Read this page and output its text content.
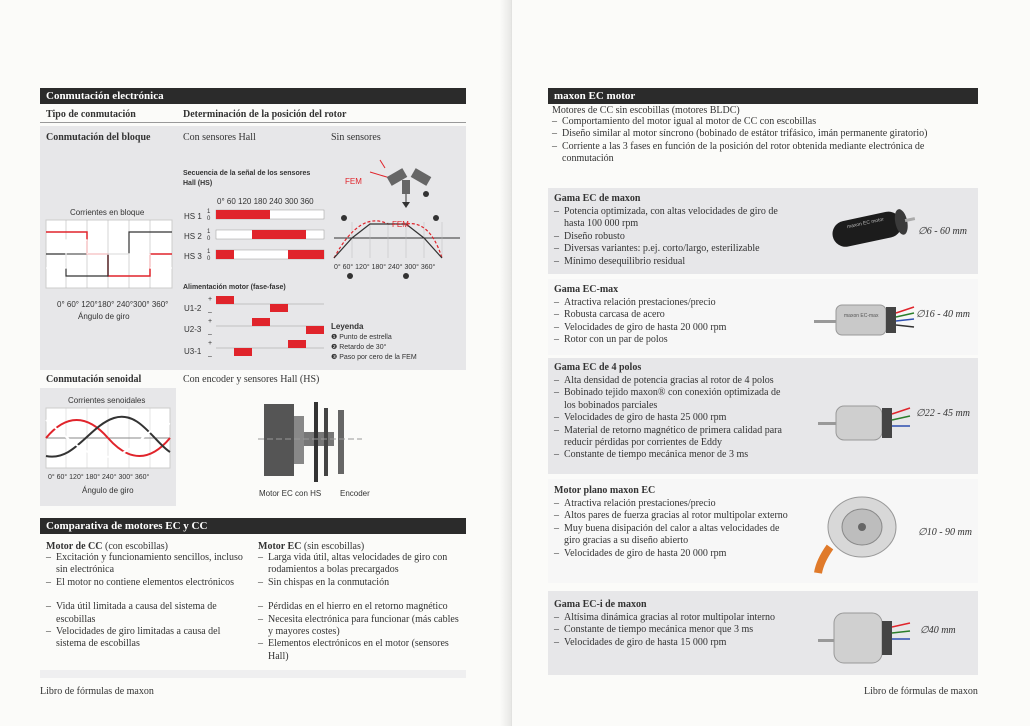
Conmutación electrónica
Tipo de conmutación	Determinación de la posición del rotor
Conmutación del bloque	Con sensores Hall	Sin sensores
Corrientes en bloque
0° 60° 120°180° 240°300° 360°
Ángulo de giro
Secuencia de la señal de los sensores Hall (HS)
0° 60 120 180 240 300 360
HS 1
HS 2
HS 3
1
0
1
0
1
0
Alimentación motor (fase-fase)
U1-2
U2-3
U3-1
+
–
+
–
+
–
FEM
FEM
0° 60° 120° 180° 240° 300° 360°
Leyenda
❶ Punto de estrella
❷ Retardo de 30°
❸ Paso por cero de la FEM
Conmutación senoidal	Con encoder y sensores Hall (HS)
Corrientes senoidales
0° 60° 120° 180° 240° 300° 360°
Ángulo de giro	Motor EC con HS Encoder
Comparativa de motores EC y CC
Motor de CC (con escobillas)
– Excitación y funcionamiento sencillos, incluso sin electrónica
– El motor no contiene elementos electrónicos
– Vida útil limitada a causa del sistema de escobillas
– Velocidades de giro limitadas a causa del sistema de escobillas
Motor EC (sin escobillas)
– Larga vida útil, altas velocidades de giro con rodamientos a bolas precargados
– Sin chispas en la conmutación
– Pérdidas en el hierro en el retorno magnético
– Necesita electrónica para funcionar (más cables y mayores costes)
– Elementos electrónicos en el motor (sensores Hall)
Libro de fórmulas de maxon
maxon EC motor
Motores de CC sin escobillas (motores BLDC)
– Comportamiento del motor igual al motor de CC con escobillas
– Diseño similar al motor síncrono (bobinado de estátor trifásico, imán permanente giratorio)
– Corriente a las 3 fases en función de la posición del rotor obtenida mediante electrónica de conmutación
Gama EC de maxon
– Potencia optimizada, con altas velocidades de giro de hasta 100 000 rpm
– Diseño robusto
– Diversas variantes: p.ej. corto/largo, esterilizable
– Mínimo desequilibrio residual
maxon EC motor
∅6 - 60 mm
Gama EC-max
– Atractiva relación prestaciones/precio
– Robusta carcasa de acero
– Velocidades de giro de hasta 20 000 rpm
– Rotor con un par de polos
maxon EC-max	∅16 - 40 mm
Gama EC de 4 polos
– Alta densidad de potencia gracias al rotor de 4 polos
– Bobinado tejido maxon® con conexión optimizada de los bobinados parciales
– Velocidades de giro de hasta 25 000 rpm
– Material de retorno magnético de primera calidad para reducir pérdidas por corrientes de Eddy
– Constante de tiempo mecánica menor de 3 ms
∅22 - 45 mm
Motor plano maxon EC
– Atractiva relación prestaciones/precio
– Altos pares de fuerza gracias al rotor multipolar externo
– Muy buena disipación del calor a altas velocidades de giro gracias a su diseño abierto
– Velocidades de giro de hasta 20 000 rpm
∅10 - 90 mm
Gama EC-i de maxon
– Altísima dinámica gracias al rotor multipolar interno
– Constante de tiempo mecánica menor que 3 ms
– Velocidades de giro de hasta 15 000 rpm
∅40 mm
Libro de fórmulas de maxon
